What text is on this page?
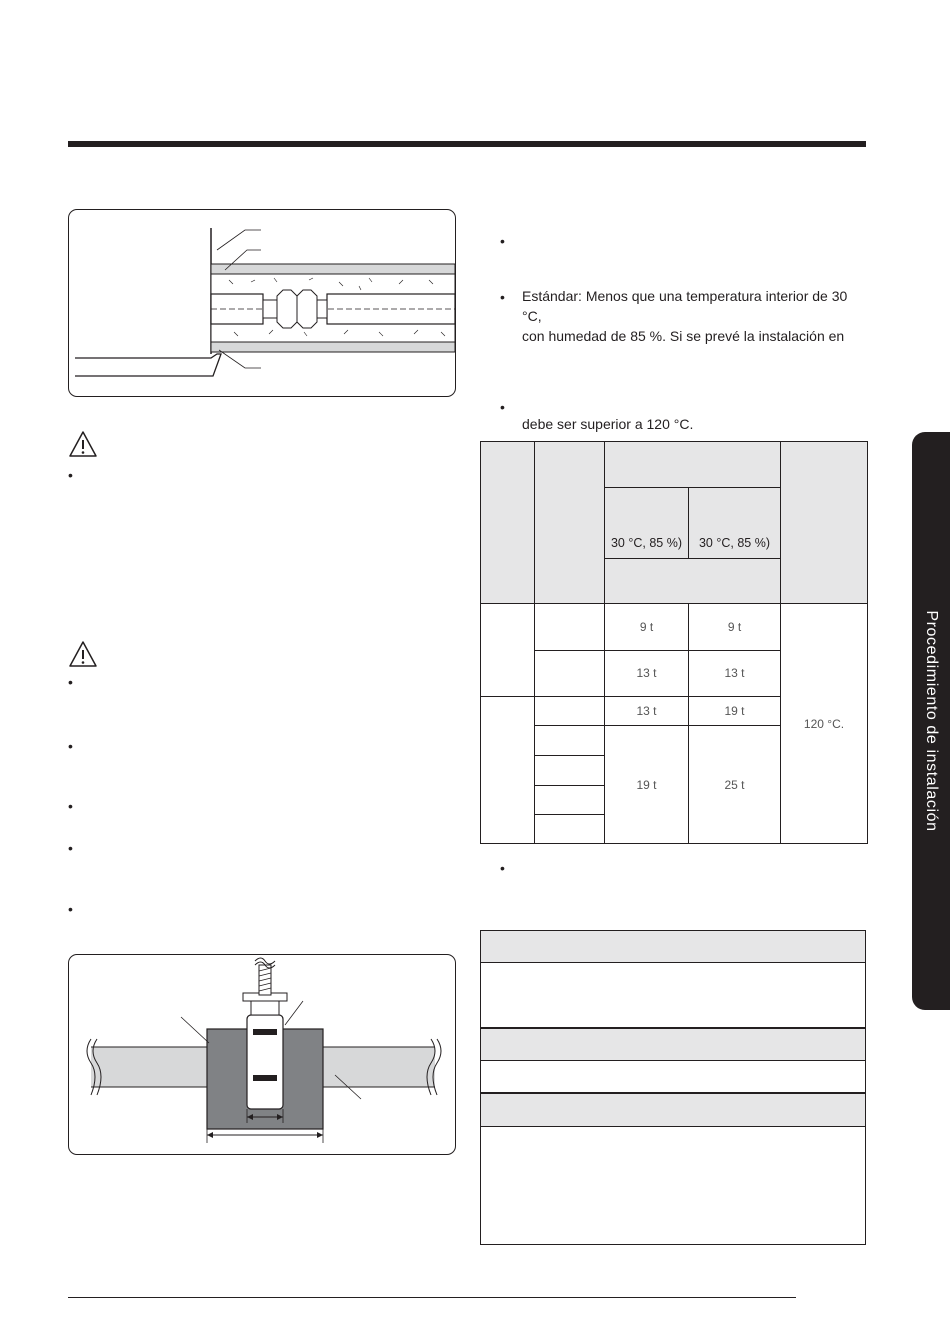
•
•
•
•
•
•
•
• Estándar: Menos que una temperatura interior de 30 °C,
con humedad de 85 %. Si se prevé la instalación en
•
debe ser superior a 120 °C.

		30 °C, 85 %)	30 °C, 85 %)	

		9 t	9 t	120 °C.
		13 t	13 t	
		13 t	19 t	
		19 t	25 t	

•
Procedimiento de instalación
